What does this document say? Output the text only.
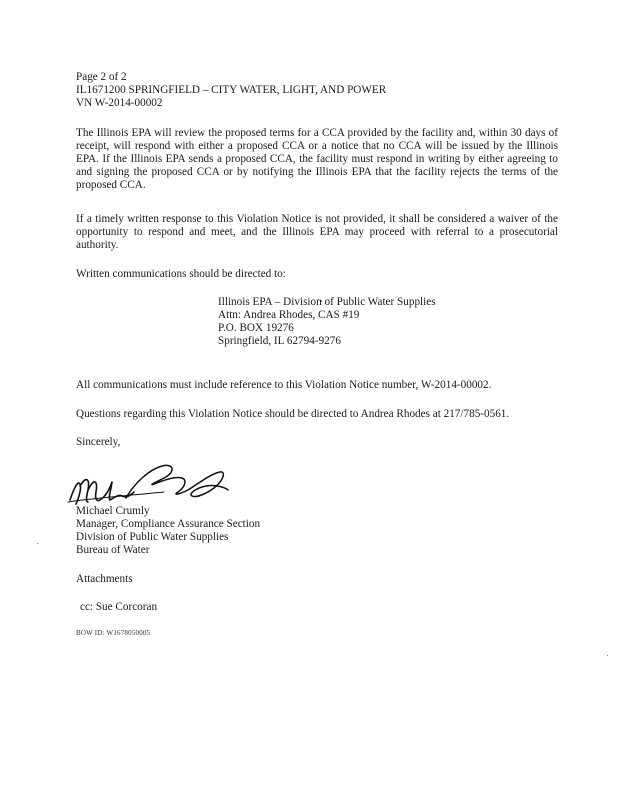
Page 2 of 2
IL1671200 SPRINGFIELD – CITY WATER, LIGHT, AND POWER
VN W-2014-00002

The Illinois EPA will review the proposed terms for a CCA provided by the facility and, within 30 days of receipt, will respond with either a proposed CCA or a notice that no CCA will be issued by the Illinois EPA. If the Illinois EPA sends a proposed CCA, the facility must respond in writing by either agreeing to and signing the proposed CCA or by notifying the Illinois EPA that the facility rejects the terms of the proposed CCA.

If a timely written response to this Violation Notice is not provided, it shall be considered a waiver of the opportunity to respond and meet, and the Illinois EPA may proceed with referral to a prosecutorial authority.

Written communications should be directed to:
Illinois EPA – Division of Public Water Supplies
Attn: Andrea Rhodes, CAS #19
P.O. BOX 19276
Springfield, IL 62794-9276
All communications must include reference to this Violation Notice number, W-2014-00002.
Questions regarding this Violation Notice should be directed to Andrea Rhodes at 217/785-0561.
Sincerely,
Michael Crumly
Manager, Compliance Assurance Section
Division of Public Water Supplies
Bureau of Water
Attachments
cc: Sue Corcoran
BOW ID: W1678050005
